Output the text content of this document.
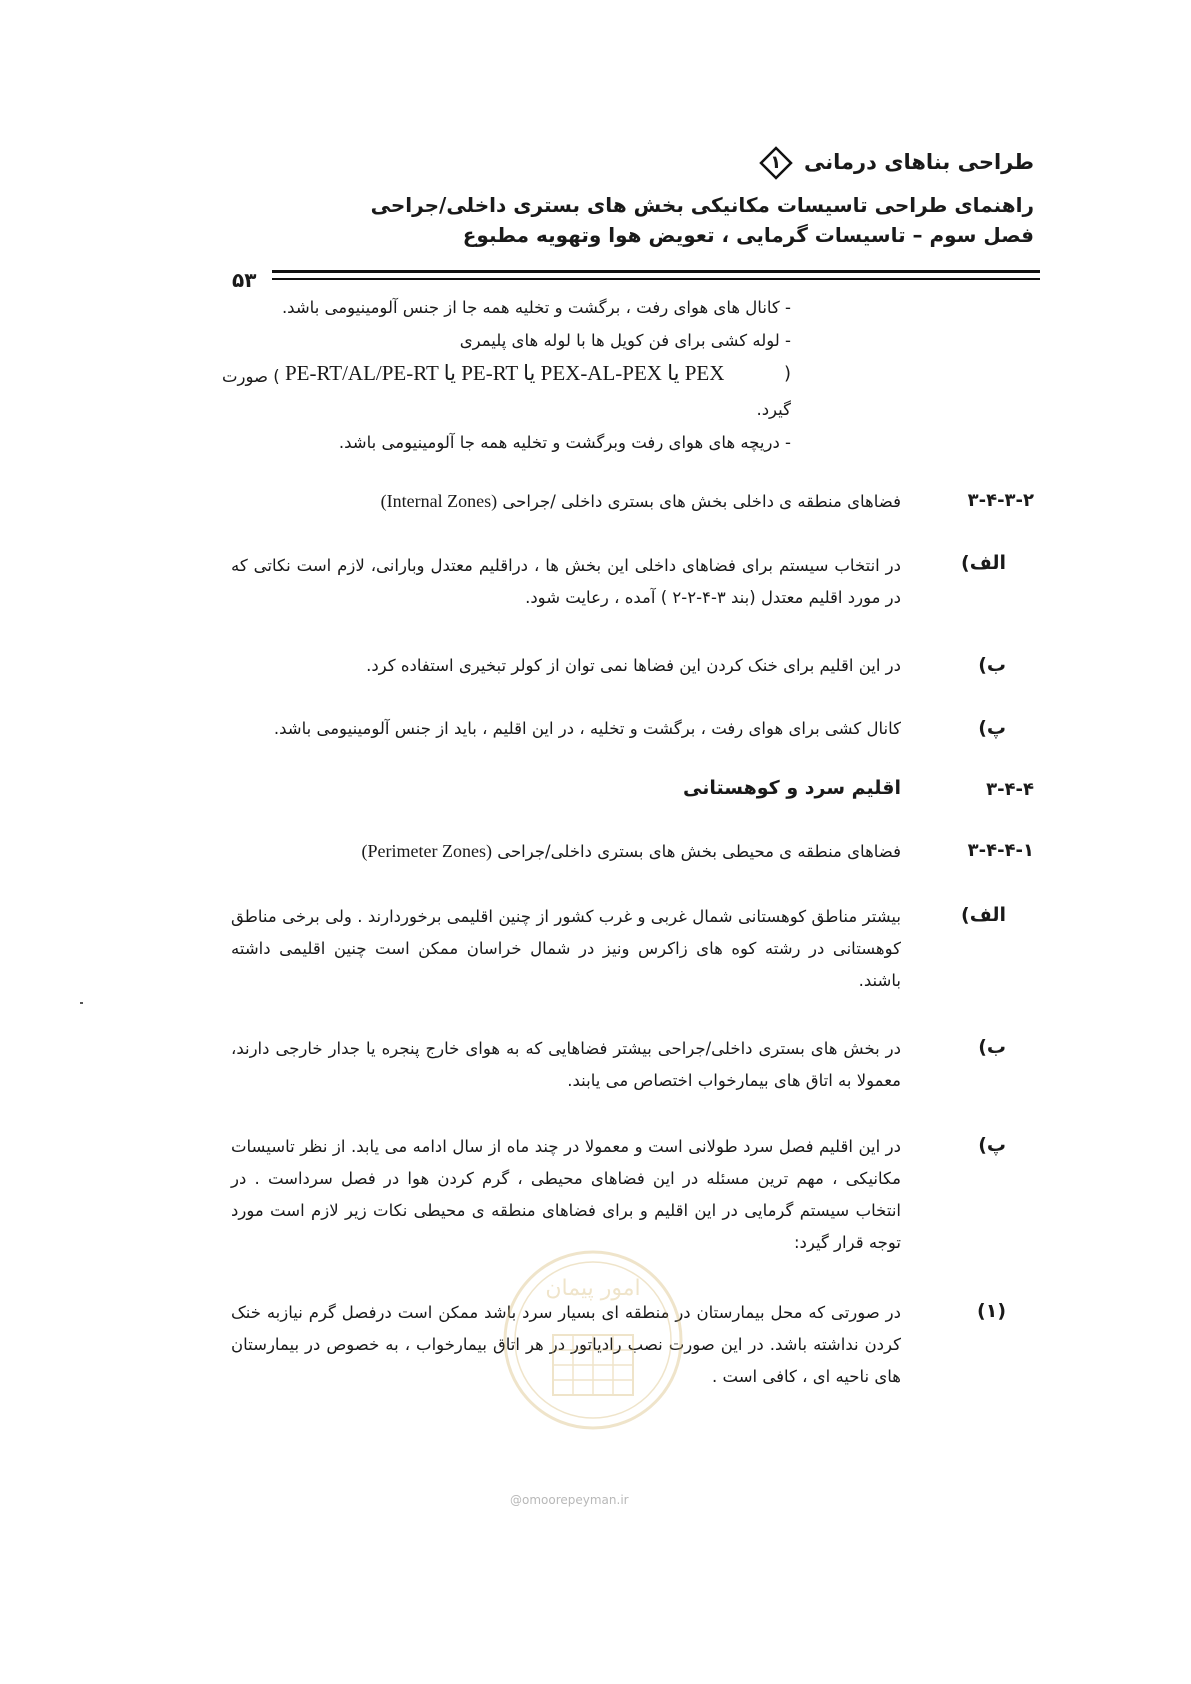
طراحی بناهای درمانی
۱
راهنمای طراحی تاسیسات مکانیکی بخش های بستری داخلی/جراحی
فصل سوم – تاسیسات گرمایی ، تعویض هوا وتهویه مطبوع
۵۳
- کانال های هوای رفت ، برگشت و تخلیه همه جا از جنس آلومینیومی باشد.
- لوله کشی برای فن کویل ها با لوله های پلیمری
(
PE-RT/AL/PE-RT یا PE-RT یا PEX-AL-PEX یا PEX
) صورت
گیرد.
- دریچه های هوای رفت وبرگشت و تخلیه همه جا آلومینیومی باشد.
۳-۴-۳-۲
فضاهای منطقه ی داخلی بخش های بستری داخلی /جراحی (Internal Zones)
الف)
در انتخاب سیستم برای فضاهای داخلی این بخش ها ، دراقلیم معتدل وبارانی، لازم است نکاتی که در مورد اقلیم معتدل (بند ۳-۴-۲-۲ ) آمده ، رعایت شود.
ب)
در این اقلیم برای خنک کردن این فضاها نمی توان از کولر تبخیری استفاده کرد.
پ)
کانال کشی برای هوای رفت ، برگشت و تخلیه ، در این اقلیم ، باید از جنس آلومینیومی باشد.
۳-۴-۴
اقلیم سرد و کوهستانی
۳-۴-۴-۱
فضاهای منطقه ی محیطی بخش های بستری داخلی/جراحی (Perimeter Zones)
الف)
بیشتر مناطق کوهستانی شمال غربی و غرب کشور از چنین اقلیمی برخوردارند . ولی برخی مناطق کوهستانی در رشته کوه های زاکرس ونیز در شمال خراسان ممکن است چنین اقلیمی داشته باشند.
ب)
در بخش های بستری داخلی/جراحی بیشتر فضاهایی که به هوای خارج پنجره یا جدار خارجی دارند، معمولا به اتاق های بیمارخواب اختصاص می یابند.
پ)
در این اقلیم فصل سرد طولانی است و معمولا در چند ماه از سال ادامه می یابد. از نظر تاسیسات مکانیکی ، مهم ترین مسئله در این فضاهای محیطی ، گرم کردن هوا در فصل سرداست . در انتخاب سیستم گرمایی در این اقلیم و برای فضاهای منطقه ی محیطی نکات زیر لازم است مورد توجه قرار گیرد:
(۱)
در صورتی که محل بیمارستان در منطقه ای بسیار سرد باشد ممکن است درفصل گرم نیازبه خنک کردن نداشته باشد. در این صورت نصب رادیاتور در هر اتاق بیمارخواب ، به خصوص در بیمارستان های ناحیه ای ، کافی است .
امور پیمان
@omoorepeyman.ir
